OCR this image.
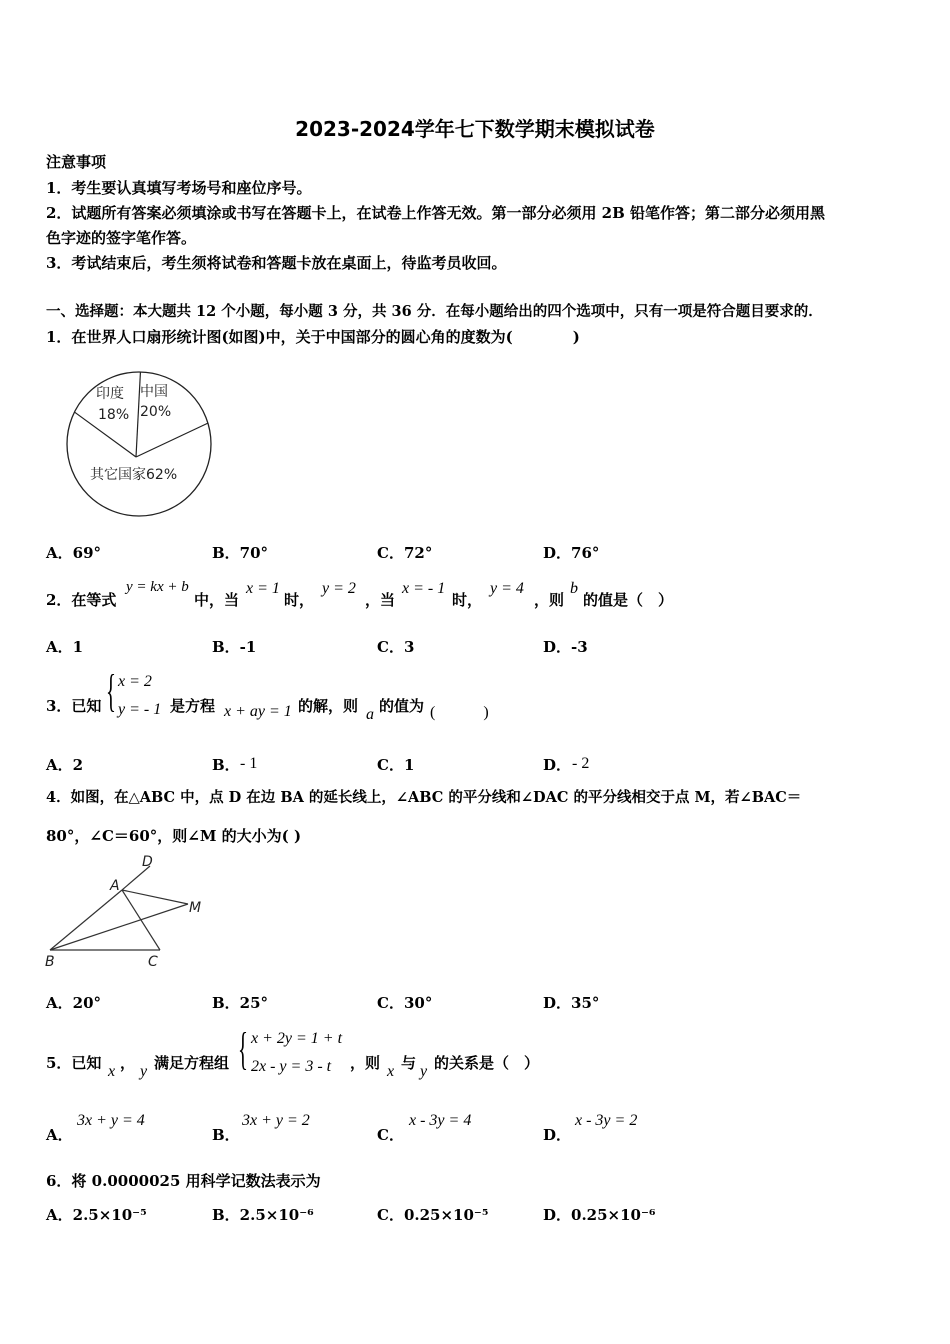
2023-2024学年七下数学期末模拟试卷
注意事项
1．考生要认真填写考场号和座位序号。
2．试题所有答案必须填涂或书写在答题卡上，在试卷上作答无效。第一部分必须用 2B 铅笔作答；第二部分必须用黑
色字迹的签字笔作答。
3．考试结束后，考生须将试卷和答题卡放在桌面上，待监考员收回。
一、选择题：本大题共 12 个小题，每小题 3 分，共 36 分．在每小题给出的四个选项中，只有一项是符合题目要求的．
1．在世界人口扇形统计图(如图)中，关于中国部分的圆心角的度数为(　　　　)
中国
20%
印度
18%
其它国家62%
A．69°	B．70°	C．72°	D．76°
2．在等式
y = kx + b
中，当
x = 1
时，
y = 2
，当
x = - 1
时，
y = 4
，则
b
的值是（　）
A．1	B．-1	C．3	D．-3
3．已知 { x = 2
y = - 1 是方程 x + ay = 1 的解，则 a 的值为 (　　　)
A．2	B． - 1	C．1	D． - 2
4．如图，在△ABC 中，点 D 在边 BA 的延长线上，∠ABC 的平分线和∠DAC 的平分线相交于点 M，若∠BAC＝
80°，∠C＝60°，则∠M 的大小为( )
D
A
M
B	C
A．20°	B．25°	C．30°	D．35°
5．已知 x ， y 满足方程组 { x + 2y = 1 + t
2x - y = 3 - t ，则 x 与 y 的关系是（　）
A．
3x + y = 4
B．
3x + y = 2
C．
x - 3y = 4
D．
x - 3y = 2
6．将 0.0000025 用科学记数法表示为
A．2.5×10⁻⁵	B．2.5×10⁻⁶	C．0.25×10⁻⁵	D．0.25×10⁻⁶
